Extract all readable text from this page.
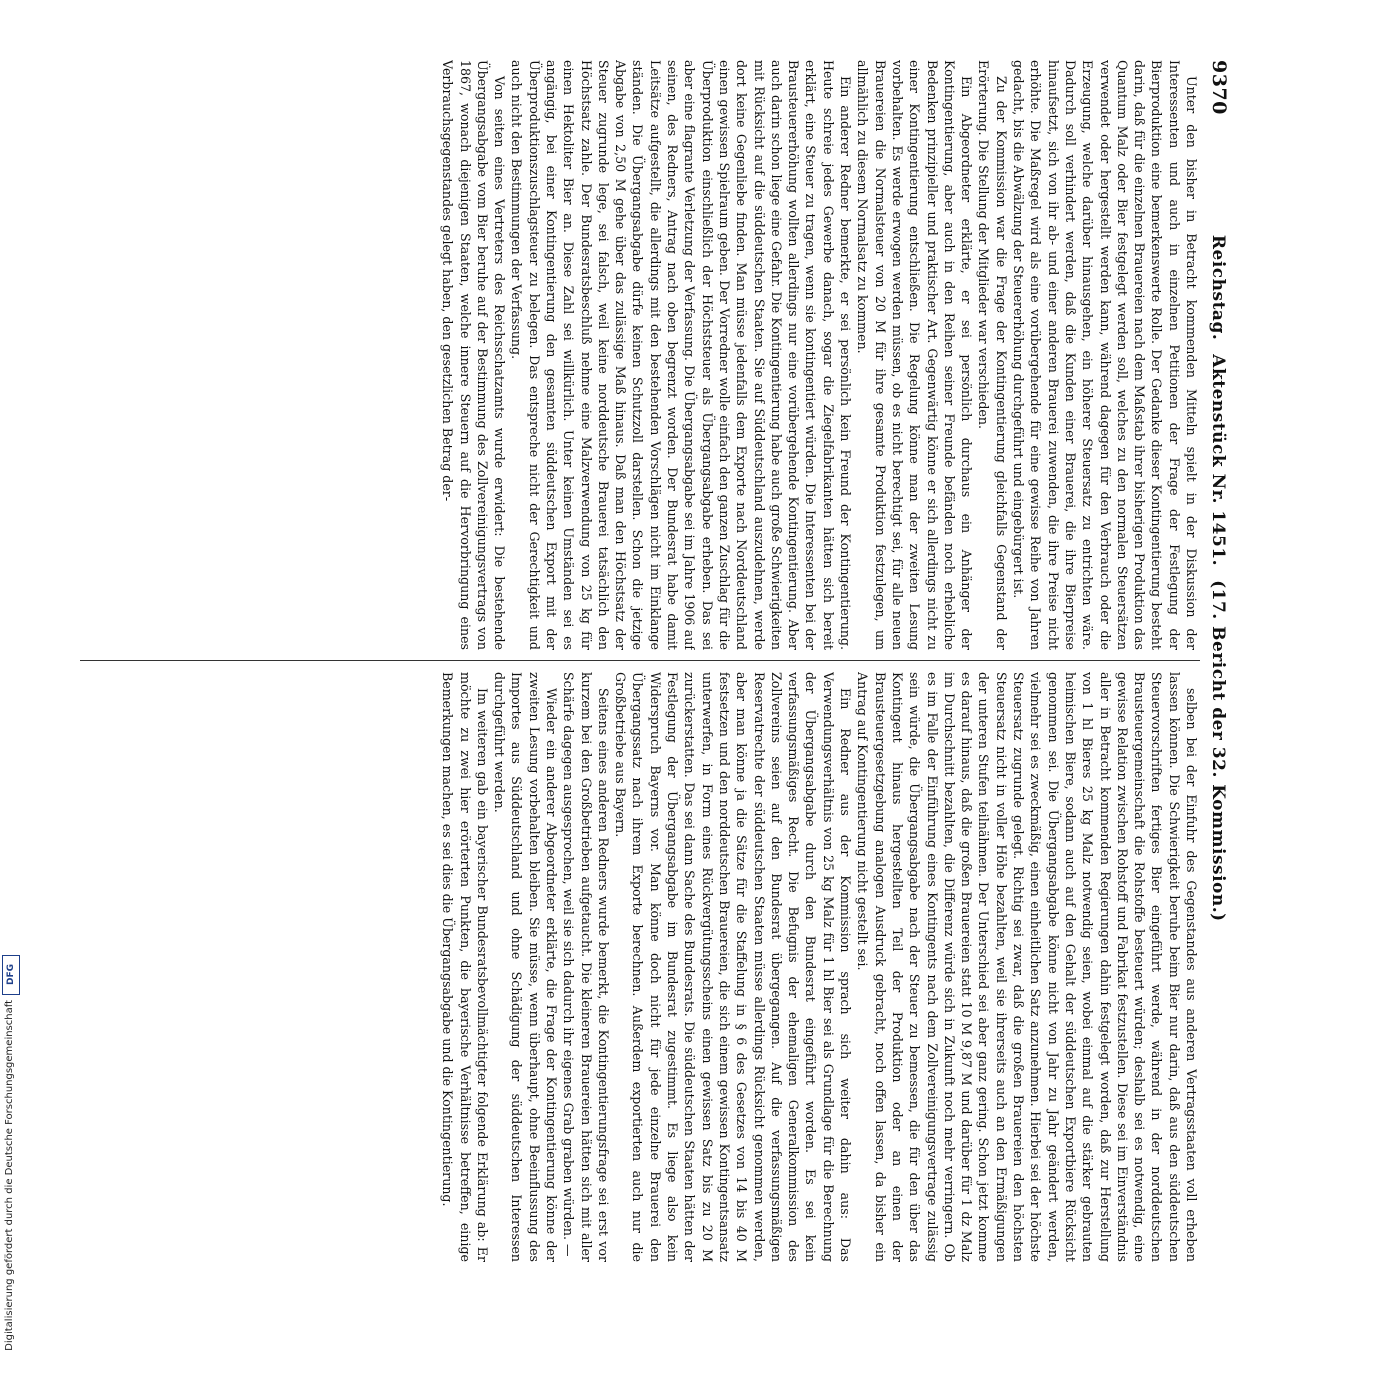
9370
Reichstag.
Aktenstück Nr. 1451.
(17. Bericht der 32. Kommission.)

Unter den bisher in Betracht kommenden Mitteln spielt in der Diskussion der Interessenten und auch in einzelnen Petitionen der Frage der Festlegung der Bierproduktion eine bemerkenswerte Rolle. Der Gedanke dieser Kontingentierung besteht darin, daß für die einzelnen Brauereien nach dem Maßstab ihrer bisherigen Produktion das Quantum Malz oder Bier festgelegt werden soll, welches zu den normalen Steuersätzen verwendet oder hergestellt werden kann, während dagegen für den Verbrauch oder die Erzeugung, welche darüber hinausgehen, ein höherer Steuersatz zu entrichten wäre. Dadurch soll verhindert werden, daß die Kunden einer Brauerei, die ihre Bierpreise hinaufsetzt, sich von ihr ab- und einer anderen Brauerei zuwenden, die ihre Preise nicht erhöhte. Die Maßregel wird als eine vorübergehende für eine gewisse Reihe von Jahren gedacht, bis die Abwälzung der Steuererhöhung durchgeführt und eingebürgert ist.

Zu der Kommission war die Frage der Kontingentierung gleichfalls Gegenstand der Erörterung. Die Stellung der Mitglieder war verschieden.

Ein Abgeordneter erklärte, er sei persönlich durchaus ein Anhänger der Kontingentierung, aber auch in den Reihen seiner Freunde befänden noch erhebliche Bedenken prinzipieller und praktischer Art. Gegenwärtig könne er sich allerdings nicht zu einer Kontingentierung entschließen. Die Regelung könne man der zweiten Lesung vorbehalten. Es werde erwogen werden müssen, ob es nicht berechtigt sei, für alle neuen Brauereien die Normalsteuer von 20 M für ihre gesamte Produktion festzulegen, um allmählich zu diesem Normalsatz zu kommen.

Ein anderer Redner bemerkte, er sei persönlich kein Freund der Kontingentierung. Heute schreie jedes Gewerbe danach, sogar die Ziegelfabrikanten hätten sich bereit erklärt, eine Steuer zu tragen, wenn sie kontingentiert würden. Die Interessenten bei der Brausteuererhöhung wollten allerdings nur eine vorübergehende Kontingentierung. Aber auch darin schon liege eine Gefahr. Die Kontingentierung habe auch große Schwierigkeiten mit Rücksicht auf die süddeutschen Staaten. Sie auf Süddeutschland auszudehnen, werde dort keine Gegenliebe finden. Man müsse jedenfalls dem Exporte nach Norddeutschland einen gewissen Spielraum geben. Der Vorredner wolle einfach den ganzen Zuschlag für die Überproduktion einschließlich der Höchststeuer als Übergangsabgabe erheben. Das sei aber eine flagrante Verletzung der Verfassung. Die Übergangsabgabe sei im Jahre 1906 auf seinen, des Redners, Antrag nach oben begrenzt worden. Der Bundesrat habe damit Leitsätze aufgestellt, die allerdings mit den bestehenden Vorschlägen nicht im Einklange ständen. Die Übergangsabgabe dürfe keinen Schutzzoll darstellen. Schon die jetzige Abgabe von 2,50 M gehe über das zulässige Maß hinaus. Daß man den Höchstsatz der Steuer zugrunde lege, sei falsch, weil keine norddeutsche Brauerei tatsächlich den Höchstsatz zahle. Der Bundesratsbeschluß nehme eine Malzverwendung von 25 kg für einen Hektoliter Bier an. Diese Zahl sei willkürlich. Unter keinen Umständen sei es angängig, bei einer Kontingentierung den gesamten süddeutschen Export mit der Überproduktionszuschlagsteuer zu belegen. Das entspreche nicht der Gerechtigkeit und auch nicht den Bestimmungen der Verfassung.

Von seiten eines Vertreters des Reichsschatzamts wurde erwidert: Die bestehende Übergangsabgabe vom Bier beruhe auf der Bestimmung des Zollvereinigungsvertrags von 1867, wonach diejenigen Staaten, welche innere Steuern auf die Hervorbringung eines Verbrauchsgegenstandes gelegt haben, den gesetzlichen Betrag der-

selben bei der Einfuhr des Gegenstandes aus anderen Vertragsstaaten voll erheben lassen können. Die Schwierigkeit beruhe beim Bier nur darin, daß aus den süddeutschen Steuervorschriften fertiges Bier eingeführt werde, während in der norddeutschen Brausteuergemeinschaft die Rohstoffe besteuert würden; deshalb sei es notwendig, eine gewisse Relation zwischen Rohstoff und Fabrikat festzustellen. Diese sei im Einverständnis aller in Betracht kommenden Regierungen dahin festgelegt worden, daß zur Herstellung von 1 hl Bieres 25 kg Malz notwendig seien, wobei einmal auf die stärker gebrauten heimischen Biere, sodann auch auf den Gehalt der süddeutschen Exportbiere Rücksicht genommen sei. Die Übergangsabgabe könne nicht von Jahr zu Jahr geändert werden, vielmehr sei es zweckmäßig, einen einheitlichen Satz anzunehmen. Hierbei sei der höchste Steuersatz zugrunde gelegt. Richtig sei zwar, daß die großen Brauereien den höchsten Steuersatz nicht in voller Höhe bezahlten, weil sie ihrerseits auch an den Ermäßigungen der unteren Stufen teilnähmen. Der Unterschied sei aber ganz gering. Schon jetzt komme es darauf hinaus, daß die großen Brauereien statt 10 M 9,87 M und darüber für 1 dz Malz im Durchschnitt bezahlten, die Differenz würde sich in Zukunft noch mehr verringern. Ob es im Falle der Einführung eines Kontingents nach dem Zollvereinigungsvertrage zulässig sein würde, die Übergangsabgabe nach der Steuer zu bemessen, die für den über das Kontingent hinaus hergestellten Teil der Produktion oder an einen der Brausteuergesetzgebung analogen Ausdruck gebracht, noch offen lassen, da bisher ein Antrag auf Kontingentierung nicht gestellt sei.

Ein Redner aus der Kommission sprach sich weiter dahin aus: Das Verwendungsverhältnis von 25 kg Malz für 1 hl Bier sei als Grundlage für die Berechnung der Übergangsabgabe durch den Bundesrat eingeführt worden. Es sei kein verfassungsmäßiges Recht. Die Befugnis der ehemaligen Generalkommission des Zollvereins seien auf den Bundesrat übergegangen. Auf die verfassungsmäßigen Reservatrechte der süddeutschen Staaten müsse allerdings Rücksicht genommen werden, aber man könne ja die Sätze für die Staffelung in § 6 des Gesetzes von 14 bis 40 M festsetzen und den norddeutschen Brauereien, die sich einem gewissen Kontingentsansatz unterwerfen, in Form eines Rückvergütungsscheins einen gewissen Satz bis zu 20 M zurückerstatten. Das sei dann Sache des Bundesrats. Die süddeutschen Staaten hätten der Festlegung der Übergangsabgabe im Bundesrat zugestimmt. Es liege also kein Widerspruch Bayerns vor. Man könne doch nicht für jede einzelne Brauerei den Übergangssatz nach ihrem Exporte berechnen. Außerdem exportierten auch nur die Großbetriebe aus Bayern.

Seitens eines anderen Redners wurde bemerkt, die Kontingentierungsfrage sei erst vor kurzem bei den Großbetrieben aufgetaucht. Die kleineren Brauereien hätten sich mit aller Schärfe dagegen ausgesprochen, weil sie sich dadurch ihr eigenes Grab graben würden. —

Wieder ein anderer Abgeordneter erklärte, die Frage der Kontingentierung könne der zweiten Lesung vorbehalten bleiben. Sie müsse, wenn überhaupt, ohne Beeinflussung des Importes aus Süddeutschland und ohne Schädigung der süddeutschen Interessen durchgeführt werden.

Im weiteren gab ein bayerischer Bundesratsbevollmächtigter folgende Erklärung ab: Er möchte zu zwei hier erörterten Punkten, die bayerische Verhältnisse betreffen, einige Bemerkungen machen, es sei dies die Übergangsabgabe und die Kontingentierung.

Digitalisierung gefördert durch die Deutsche Forschungsgemeinschaft
DFG
